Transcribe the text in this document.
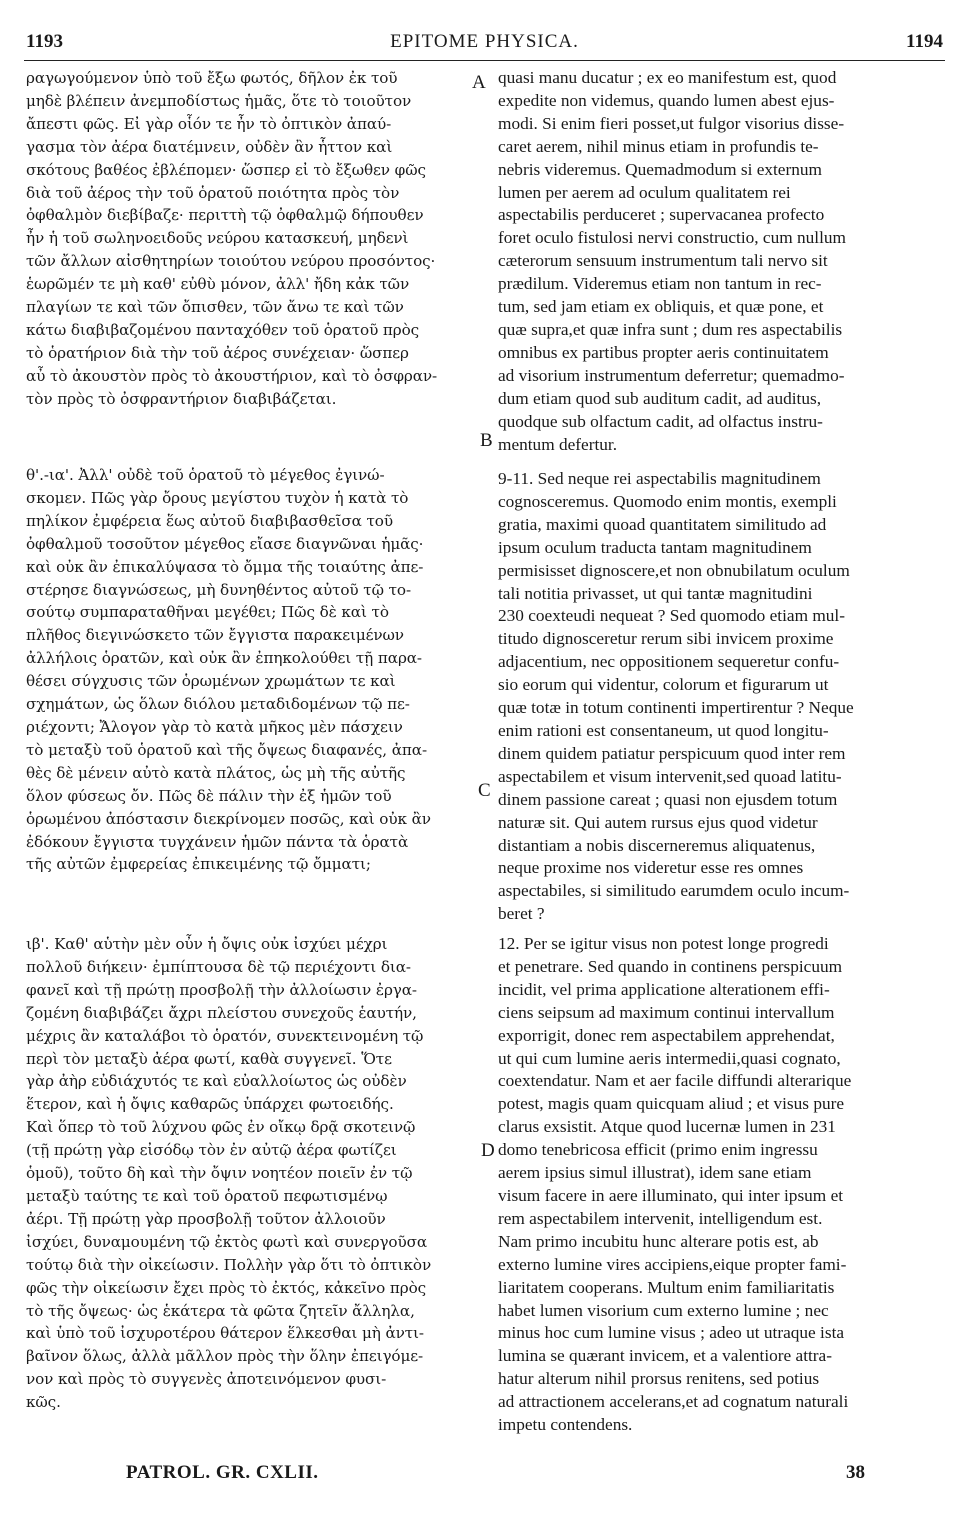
1193	EPITOME PHYSICA.	1194
ραγωγούμενον ὑπὸ τοῦ ἔξω φωτός, δῆλον ἐκ τοῦ
μηδὲ βλέπειν ἀνεμποδίστως ἡμᾶς, ὅτε τὸ τοιοῦτον
ἄπεστι φῶς. Εἰ γὰρ οἷόν τε ἦν τὸ ὀπτικὸν ἀπαύ-
γασμα τὸν ἀέρα διατέμνειν, οὐδὲν ἂν ἧττον καὶ
σκότους βαθέος ἐβλέπομεν· ὥσπερ εἰ τὸ ἔξωθεν φῶς
διὰ τοῦ ἀέρος τὴν τοῦ ὁρατοῦ ποιότητα πρὸς τὸν
ὀφθαλμὸν διεβίβαζε· περιττὴ τῷ ὀφθαλμῷ δήπουθεν
ἦν ἡ τοῦ σωληνοειδοῦς νεύρου κατασκευή, μηδενὶ
τῶν ἄλλων αἰσθητηρίων τοιούτου νεύρου προσόντος·
ἑωρῶμέν τε μὴ καθ' εὐθὺ μόνον, ἀλλ' ἤδη κἀκ τῶν
πλαγίων τε καὶ τῶν ὄπισθεν, τῶν ἄνω τε καὶ τῶν
κάτω διαβιβαζομένου πανταχόθεν τοῦ ὁρατοῦ πρὸς
τὸ ὁρατήριον διὰ τὴν τοῦ ἀέρος συνέχειαν· ὥσπερ
αὖ τὸ ἀκουστὸν πρὸς τὸ ἀκουστήριον, καὶ τὸ ὀσφραν-
τὸν πρὸς τὸ ὀσφραντήριον διαβιβάζεται.
θ'.-ια'. Ἀλλ' οὐδὲ τοῦ ὁρατοῦ τὸ μέγεθος ἐγινώ-
σκομεν. Πῶς γὰρ ὄρους μεγίστου τυχὸν ἡ κατὰ τὸ
πηλίκον ἐμφέρεια ἕως αὐτοῦ διαβιβασθεῖσα τοῦ
ὀφθαλμοῦ τοσοῦτον μέγεθος εἴασε διαγνῶναι ἡμᾶς·
καὶ οὐκ ἂν ἐπικαλύψασα τὸ ὄμμα τῆς τοιαύτης ἀπε-
στέρησε διαγνώσεως, μὴ δυνηθέντος αὐτοῦ τῷ το-
σούτῳ συμπαραταθῆναι μεγέθει; Πῶς δὲ καὶ τὸ
πλῆθος διεγινώσκετο τῶν ἔγγιστα παρακειμένων
ἀλλήλοις ὁρατῶν, καὶ οὐκ ἂν ἐπηκολούθει τῇ παρα-
θέσει σύγχυσις τῶν ὁρωμένων χρωμάτων τε καὶ
σχημάτων, ὡς ὅλων διόλου μεταδιδομένων τῷ πε-
ριέχοντι; Ἄλογον γὰρ τὸ κατὰ μῆκος μὲν πάσχειν
τὸ μεταξὺ τοῦ ὁρατοῦ καὶ τῆς ὄψεως διαφανές, ἀπα-
θὲς δὲ μένειν αὐτὸ κατὰ πλάτος, ὡς μὴ τῆς αὐτῆς
ὅλον φύσεως ὄν. Πῶς δὲ πάλιν τὴν ἐξ ἡμῶν τοῦ
ὁρωμένου ἀπόστασιν διεκρίνομεν ποσῶς, καὶ οὐκ ἂν
ἐδόκουν ἔγγιστα τυγχάνειν ἡμῶν πάντα τὰ ὁρατὰ
τῆς αὐτῶν ἐμφερείας ἐπικειμένης τῷ ὄμματι;
ιβ'. Καθ' αὑτὴν μὲν οὖν ἡ ὄψις οὐκ ἰσχύει μέχρι
πολλοῦ διήκειν· ἐμπίπτουσα δὲ τῷ περιέχοντι δια-
φανεῖ καὶ τῇ πρώτῃ προσβολῇ τὴν ἀλλοίωσιν ἐργα-
ζομένη διαβιβάζει ἄχρι πλείστου συνεχοῦς ἑαυτήν,
μέχρις ἂν καταλάβοι τὸ ὁρατόν, συνεκτεινομένη τῷ
περὶ τὸν μεταξὺ ἀέρα φωτί, καθὰ συγγενεῖ. Ὅτε
γὰρ ἀὴρ εὐδιάχυτός τε καὶ εὐαλλοίωτος ὡς οὐδὲν
ἕτερον, καὶ ἡ ὄψις καθαρῶς ὑπάρχει φωτοειδής.
Καὶ ὅπερ τὸ τοῦ λύχνου φῶς ἐν οἴκῳ δρᾷ σκοτεινῷ
(τῇ πρώτῃ γὰρ εἰσόδῳ τὸν ἐν αὐτῷ ἀέρα φωτίζει
ὁμοῦ), τοῦτο δὴ καὶ τὴν ὄψιν νοητέον ποιεῖν ἐν τῷ
μεταξὺ ταύτης τε καὶ τοῦ ὁρατοῦ πεφωτισμένῳ
ἀέρι. Τῇ πρώτῃ γὰρ προσβολῇ τοῦτον ἀλλοιοῦν
ἰσχύει, δυναμουμένη τῷ ἐκτὸς φωτὶ καὶ συνεργοῦσα
τούτῳ διὰ τὴν οἰκείωσιν. Πολλὴν γὰρ ὅτι τὸ ὀπτικὸν
φῶς τὴν οἰκείωσιν ἔχει πρὸς τὸ ἐκτός, κἀκεῖνο πρὸς
τὸ τῆς ὄψεως· ὡς ἑκάτερα τὰ φῶτα ζητεῖν ἄλληλα,
καὶ ὑπὸ τοῦ ἰσχυροτέρου θάτερον ἕλκεσθαι μὴ ἀντι-
βαῖνον ὅλως, ἀλλὰ μᾶλλον πρὸς τὴν ὅλην ἐπειγόμε-
νον καὶ πρὸς τὸ συγγενὲς ἀποτεινόμενον φυσι-
κῶς.
A
B
C
D
quasi manu ducatur ; ex eo manifestum est, quod
expedite non videmus, quando lumen abest ejus-
modi. Si enim fieri posset,ut fulgor visorius disse-
caret aerem, nihil minus etiam in profundis te-
nebris videremus. Quemadmodum si externum
lumen per aerem ad oculum qualitatem rei
aspectabilis perduceret ; supervacanea profecto
foret oculo fistulosi nervi constructio, cum nullum
cæterorum sensuum instrumentum tali nervo sit
prædilum. Videremus etiam non tantum in rec-
tum, sed jam etiam ex obliquis, et quæ pone, et
quæ supra,et quæ infra sunt ; dum res aspectabilis
omnibus ex partibus propter aeris continuitatem
ad visorium instrumentum deferretur; quemadmo-
dum etiam quod sub auditum cadit, ad auditus,
quodque sub olfactum cadit, ad olfactus instru-
mentum defertur.
9-11. Sed neque rei aspectabilis magnitudinem
cognosceremus. Quomodo enim montis, exempli
gratia, maximi quoad quantitatem similitudo ad
ipsum oculum traducta tantam magnitudinem
permisisset dignoscere,et non obnubilatum oculum
tali notitia privasset, ut qui tantæ magnitudini
230 coexteudi nequeat ? Sed quomodo etiam mul-
titudo dignosceretur rerum sibi invicem proxime
adjacentium, nec oppositionem sequeretur confu-
sio eorum qui videntur, colorum et figurarum ut
quæ totæ in totum continenti impertirentur ? Neque
enim rationi est consentaneum, ut quod longitu-
dinem quidem patiatur perspicuum quod inter rem
aspectabilem et visum intervenit,sed quoad latitu-
dinem passione careat ; quasi non ejusdem totum
naturæ sit. Qui autem rursus ejus quod videtur
distantiam a nobis discerneremus aliquatenus,
neque proxime nos videretur esse res omnes
aspectabiles, si similitudo earumdem oculo incum-
beret ?
12. Per se igitur visus non potest longe progredi
et penetrare. Sed quando in continens perspicuum
incidit, vel prima applicatione alterationem effi-
ciens seipsum ad maximum continui intervallum
exporrigit, donec rem aspectabilem apprehendat,
ut qui cum lumine aeris intermedii,quasi cognato,
coextendatur. Nam et aer facile diffundi alterarique
potest, magis quam quicquam aliud ; et visus pure
clarus exsistit. Atque quod lucernæ lumen in 231
domo tenebricosa efficit (primo enim ingressu
aerem ipsius simul illustrat), idem sane etiam
visum facere in aere illuminato, qui inter ipsum et
rem aspectabilem intervenit, intelligendum est.
Nam primo incubitu hunc alterare potis est, ab
externo lumine vires accipiens,eique propter fami-
liaritatem cooperans. Multum enim familiaritatis
habet lumen visorium cum externo lumine ; nec
minus hoc cum lumine visus ; adeo ut utraque ista
lumina se quærant invicem, et a valentiore attra-
hatur alterum nihil prorsus renitens, sed potius
ad attractionem accelerans,et ad cognatum naturali
impetu contendens.
PATROL. GR. CXLII.	38
